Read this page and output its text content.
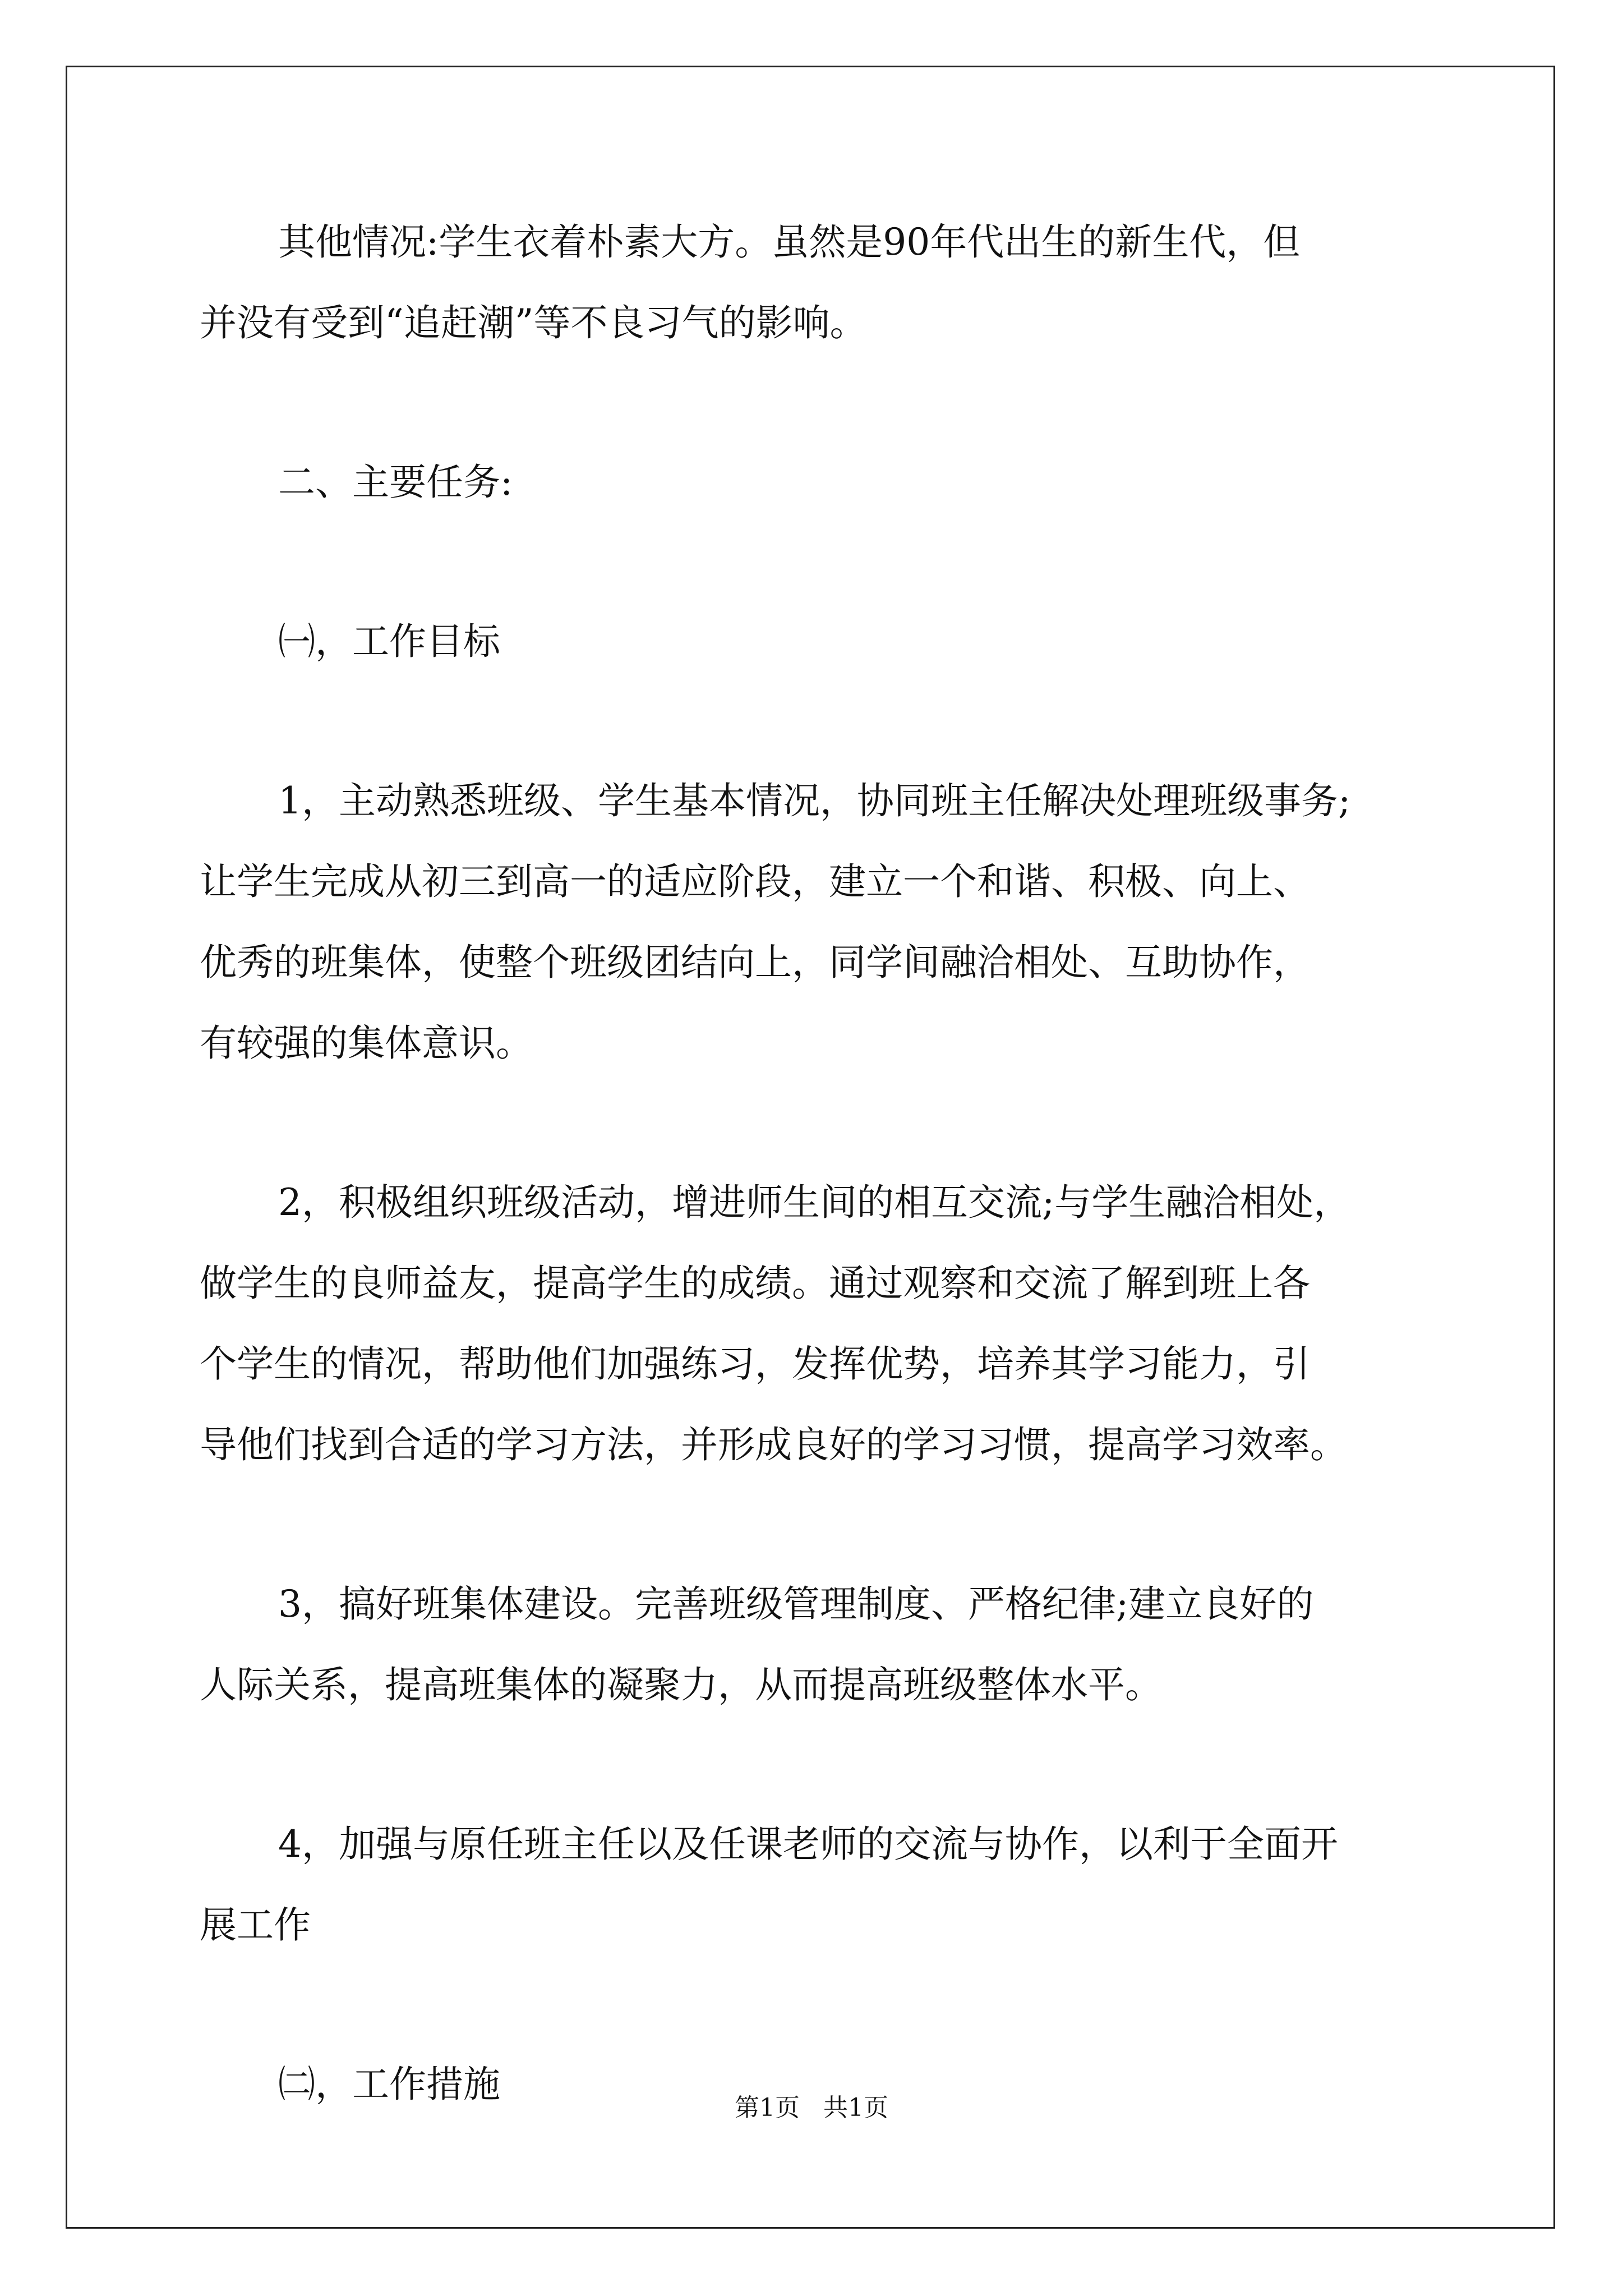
其他情况:学生衣着朴素大方。虽然是90年代出生的新生代，但
并没有受到“追赶潮”等不良习气的影响。
二、主要任务:
㈠，工作目标
1，主动熟悉班级、学生基本情况，协同班主任解决处理班级事务;
让学生完成从初三到高一的适应阶段，建立一个和谐、积极、向上、
优秀的班集体，使整个班级团结向上，同学间融洽相处、互助协作，
有较强的集体意识。
2，积极组织班级活动，增进师生间的相互交流;与学生融洽相处，
做学生的良师益友，提高学生的成绩。通过观察和交流了解到班上各
个学生的情况，帮助他们加强练习，发挥优势，培养其学习能力，引
导他们找到合适的学习方法，并形成良好的学习习惯，提高学习效率。
3，搞好班集体建设。完善班级管理制度、严格纪律;建立良好的
人际关系，提高班集体的凝聚力，从而提高班级整体水平。
4，加强与原任班主任以及任课老师的交流与协作，以利于全面开
展工作
㈡，工作措施
第1页   共1页
